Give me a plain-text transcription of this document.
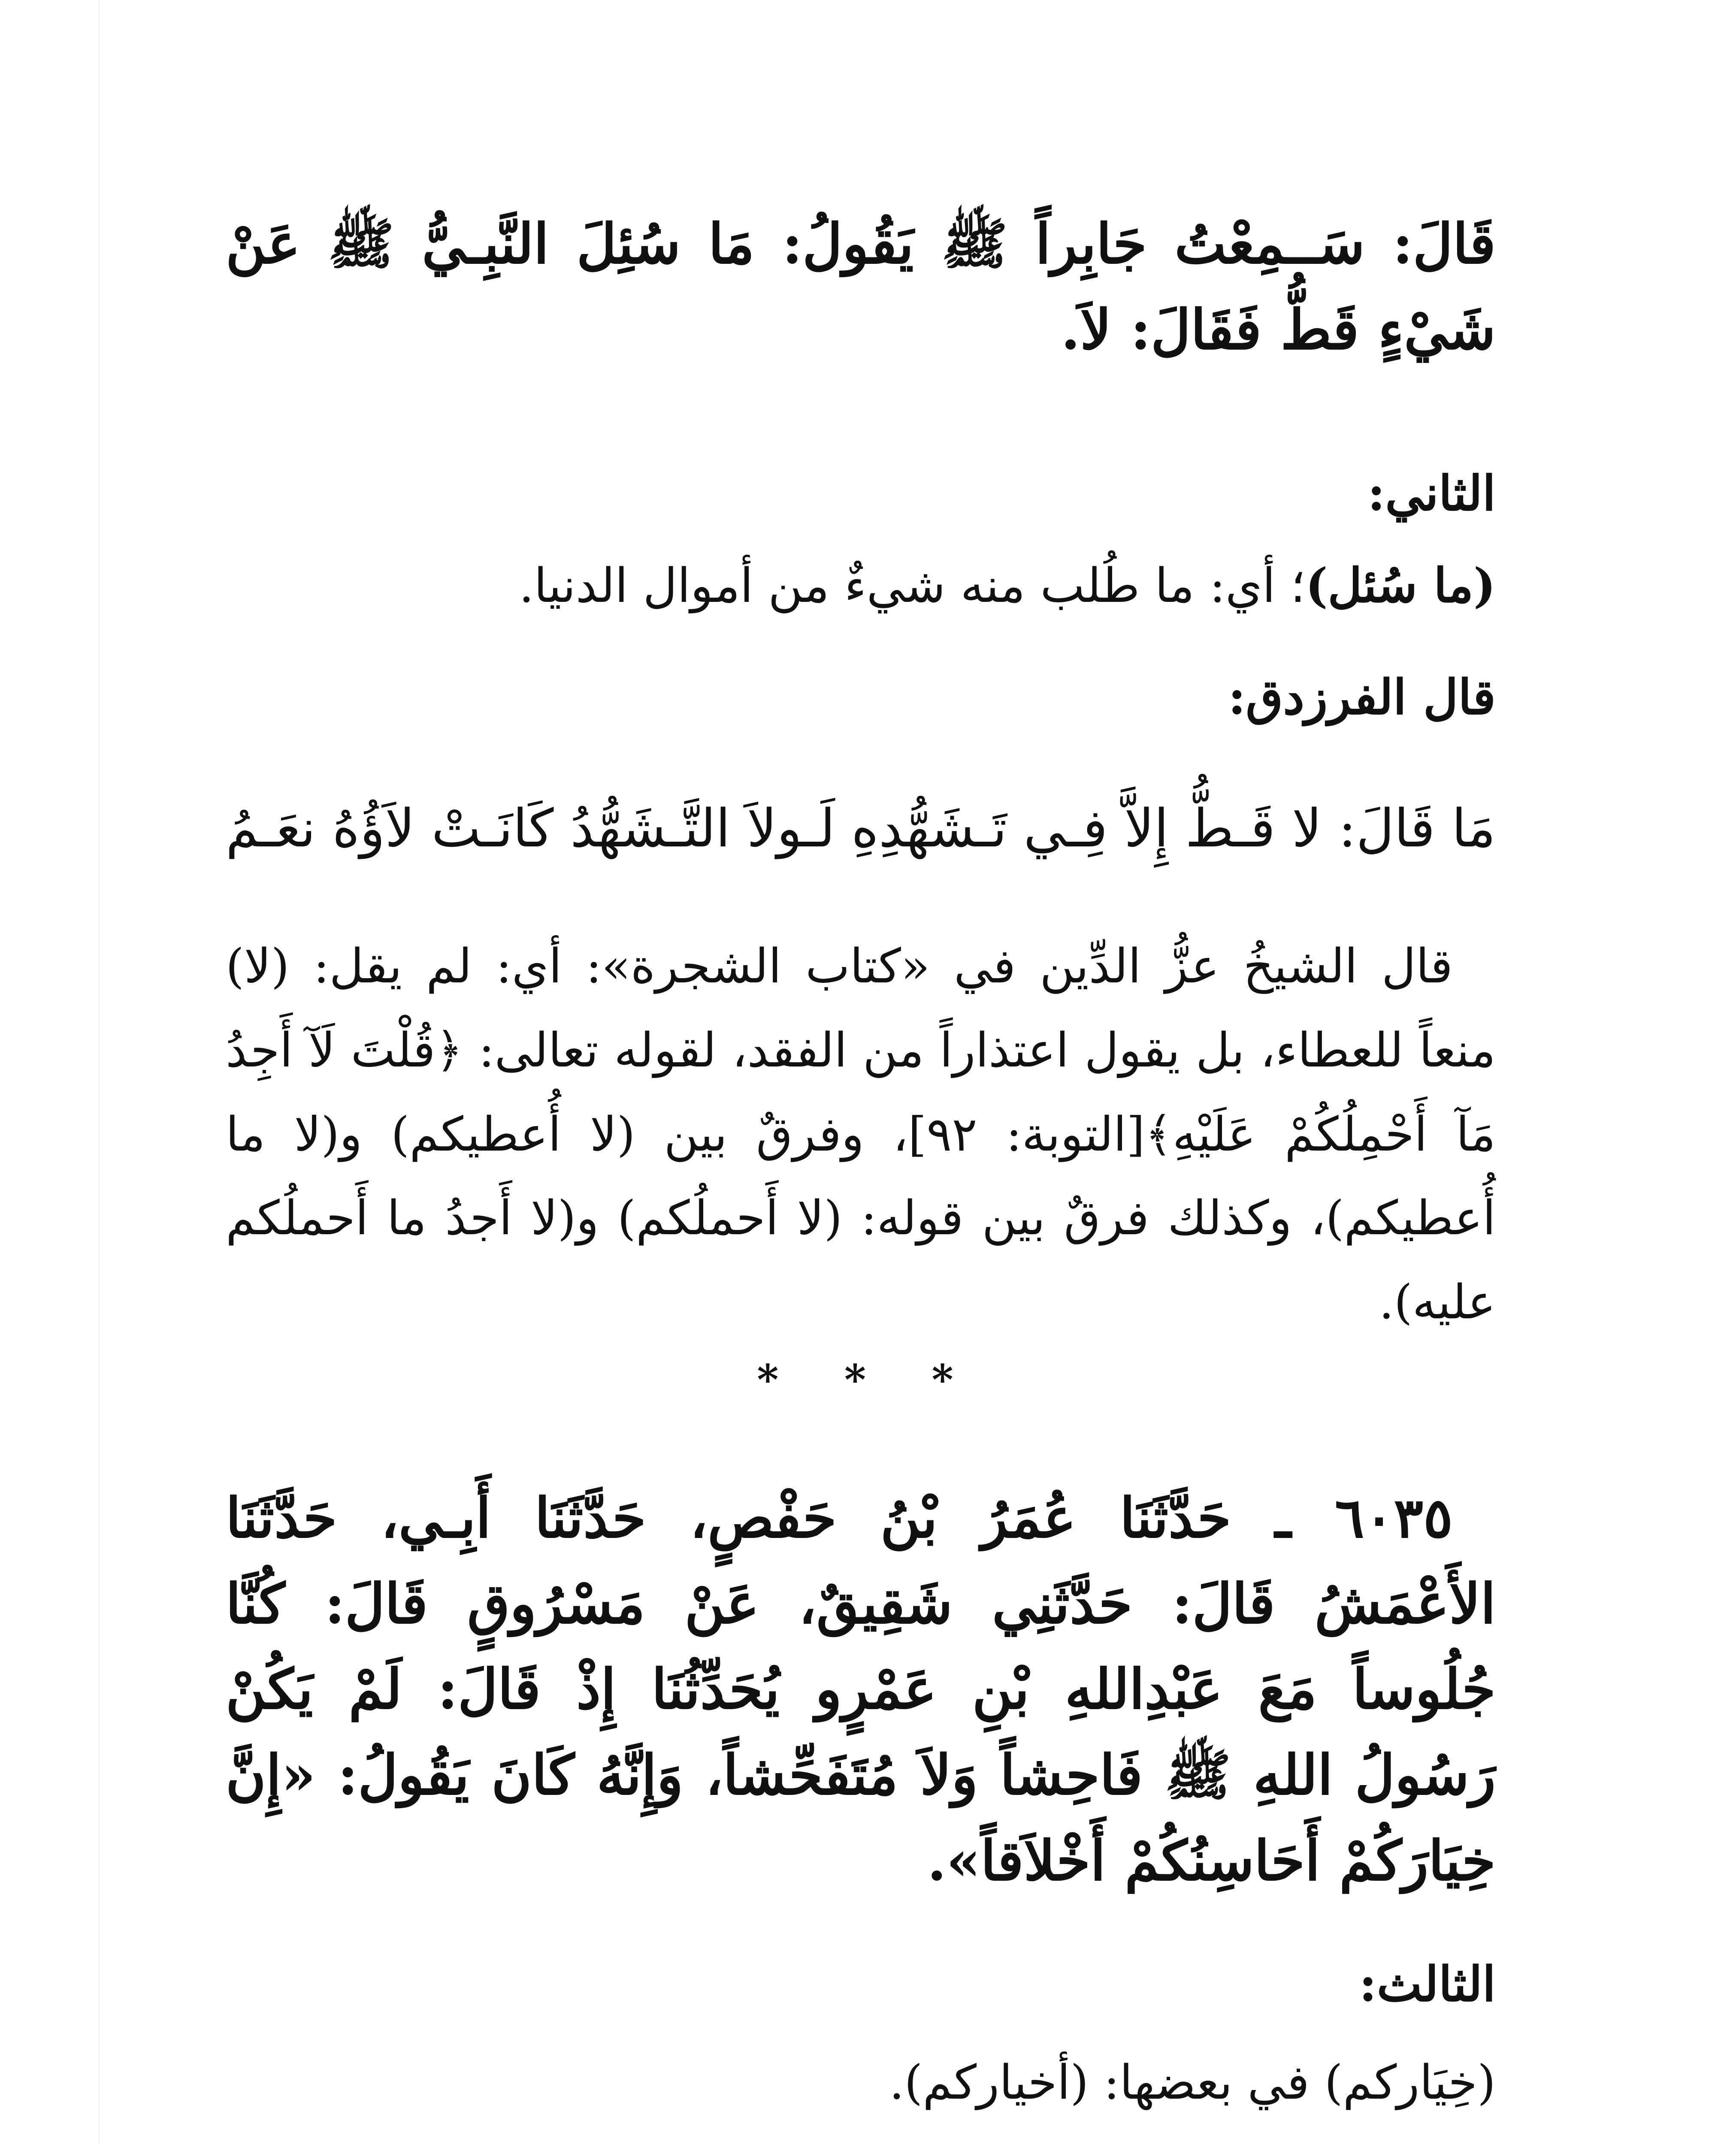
قَالَ: سَــمِعْتُ جَابِراً ﷺ يَقُولُ: مَا سُئِلَ النَّبِـيُّ ﷺ عَنْ شَيْءٍ قَطُّ فَقَالَ: لاَ.
الثاني:
(ما سُئل)؛ أي: ما طُلب منه شيءٌ من أموال الدنيا.
قال الفرزدق:
مَا قَالَ: لا قَـطُّ إِلاَّ فِـي تَـشَهُّدِهِ
لَـولاَ التَّـشَهُّدُ كَانَـتْ لاَؤُهُ نعَـمُ
قال الشيخُ عزُّ الدِّين في «كتاب الشجرة»: أي: لم يقل: (لا) منعاً للعطاء، بل يقول اعتذاراً من الفقد، لقوله تعالى: ﴿قُلْتَ لَآ أَجِدُ مَآ أَحْمِلُكُمْ عَلَيْهِ﴾[التوبة: ٩٢]، وفرقٌ بين (لا أُعطيكم) و(لا ما أُعطيكم)، وكذلك فرقٌ بين قوله: (لا أَحملُكم) و(لا أَجدُ ما أَحملُكم عليه).
* * *
٦٠٣٥ ـ حَدَّثَنَا عُمَرُ بْنُ حَفْصٍ، حَدَّثَنَا أَبِـي، حَدَّثَنَا الأَعْمَشُ قَالَ: حَدَّثَنِي شَقِيقٌ، عَنْ مَسْرُوقٍ قَالَ: كُنَّا جُلُوساً مَعَ عَبْدِاللهِ بْنِ عَمْرٍو يُحَدِّثُنَا إِذْ قَالَ: لَمْ يَكُنْ رَسُولُ اللهِ ﷺ فَاحِشاً وَلاَ مُتَفَحِّشاً، وَإِنَّهُ كَانَ يَقُولُ: «إِنَّ خِيَارَكُمْ أَحَاسِنُكُمْ أَخْلاَقاً».
الثالث:
(خِيَاركم) في بعضها: (أخياركم).
